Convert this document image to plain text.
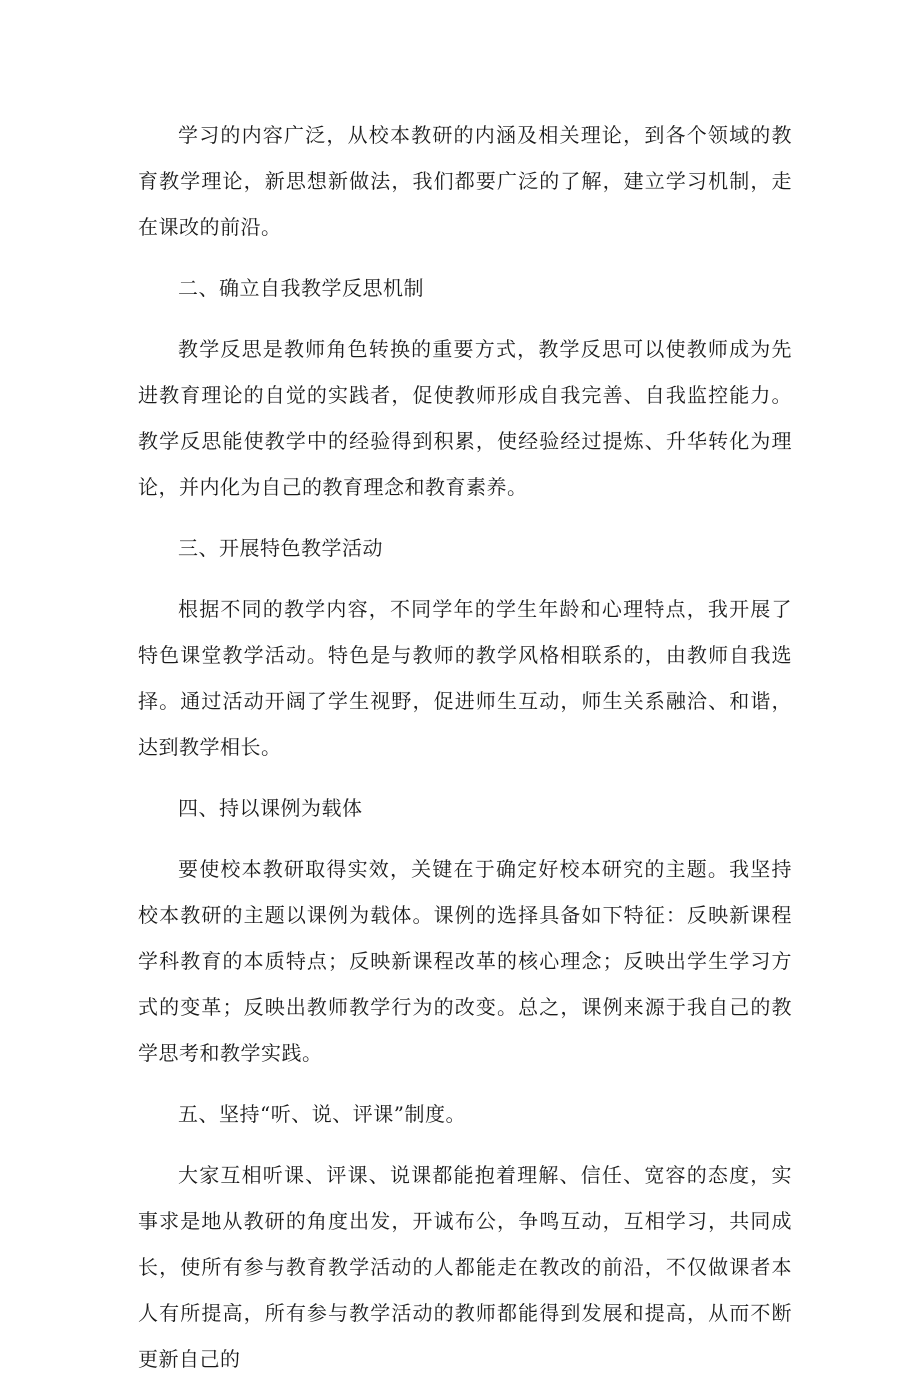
学习的内容广泛，从校本教研的内涵及相关理论，到各个领域的教育教学理论，新思想新做法，我们都要广泛的了解，建立学习机制，走在课改的前沿。

二、确立自我教学反思机制

教学反思是教师角色转换的重要方式，教学反思可以使教师成为先进教育理论的自觉的实践者，促使教师形成自我完善、自我监控能力。教学反思能使教学中的经验得到积累，使经验经过提炼、升华转化为理论，并内化为自己的教育理念和教育素养。

三、开展特色教学活动

根据不同的教学内容，不同学年的学生年龄和心理特点，我开展了特色课堂教学活动。特色是与教师的教学风格相联系的，由教师自我选择。通过活动开阔了学生视野，促进师生互动，师生关系融洽、和谐，达到教学相长。

四、持以课例为载体

要使校本教研取得实效，关键在于确定好校本研究的主题。我坚持校本教研的主题以课例为载体。课例的选择具备如下特征：反映新课程学科教育的本质特点；反映新课程改革的核心理念；反映出学生学习方式的变革；反映出教师教学行为的改变。总之，课例来源于我自己的教学思考和教学实践。

五、坚持“听、说、评课”制度。

大家互相听课、评课、说课都能抱着理解、信任、宽容的态度，实事求是地从教研的角度出发，开诚布公，争鸣互动，互相学习，共同成长，使所有参与教育教学活动的人都能走在教改的前沿，不仅做课者本人有所提高，所有参与教学活动的教师都能得到发展和提高，从而不断更新自己的
